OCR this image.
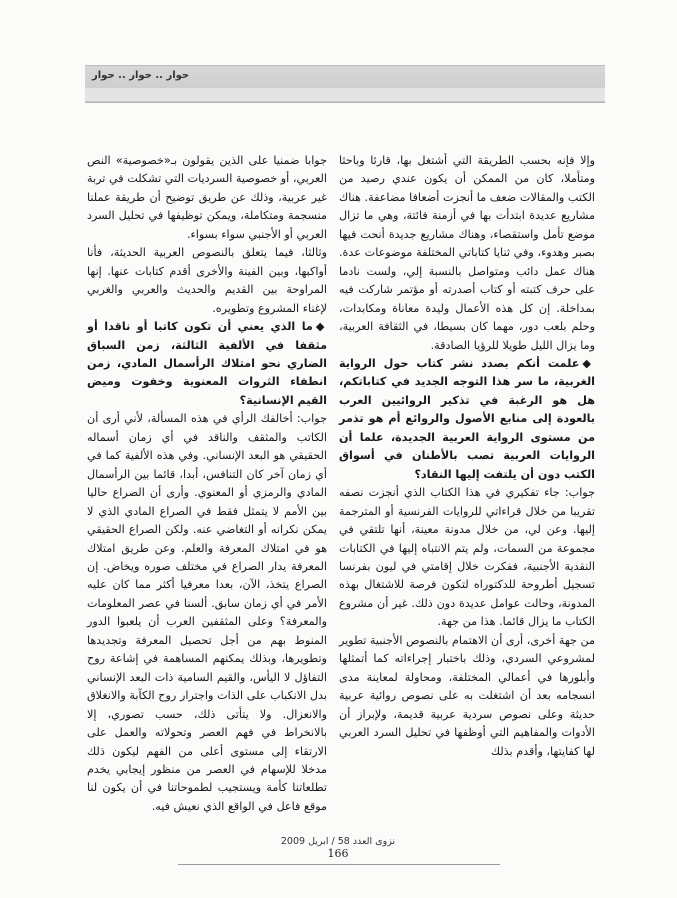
حوار .. حوار .. حوار

وإلا فإنه بحسب الطريقة التي أشتغل بها، قارئا وباحثا ومتأملا، كان من الممكن أن يكون عندي رصيد من الكتب والمقالات ضعف ما أنجزت أضعافا مضاعفة. هناك مشاريع عديدة ابتدأت بها في أزمنة فائتة، وهي ما تزال موضع تأمل واستقصاء، وهناك مشاريع جديدة أنحت فيها بصبر وهدوء، وفي ثنايا كتاباتي المختلفة موضوعات عدة. هناك عمل دائب ومتواصل بالنسبة إلي، ولست نادما على حرف كتبته أو كتاب أصدرته أو مؤتمر شاركت فيه بمداخلة. إن كل هذه الأعمال وليدة معاناة ومكابدات، وحلم بلعب دور، مهما كان بسيطا، في الثقافة العربية، وما يزال الليل طويلا للرؤيا الصادقة.

◆علمت أنكم بصدد نشر كتاب حول الرواية الغربية، ما سر هذا التوجه الجديد في كتاباتكم، هل هو الرغبة في تذكير الروائيين العرب بالعودة إلى منابع الأصول والروائع أم هو تذمر من مستوى الرواية العربية الجديدة، علما أن الروايات العربية تصب بالأطنان في أسواق الكتب دون أن يلتفت إليها النقاد؟

جواب: جاء تفكيري في هذا الكتاب الذي أنجزت نصفه تقريبا من خلال قراءاتي للروايات الفرنسية أو المترجمة إليها. وعن لي، من خلال مدونة معينة، أنها تلتقي في مجموعة من السمات، ولم يتم الانتباه إليها في الكتابات النقدية الأجنبية، ففكرت خلال إقامتي في ليون بفرنسا تسجيل أطروحة للدكتوراه لتكون فرصة للاشتغال بهذه المدونة، وحالت عوامل عديدة دون ذلك. غير أن مشروع الكتاب ما يزال قائما. هذا من جهة.

من جهة أخرى، أرى أن الاهتمام بالنصوص الأجنبية تطوير لمشروعي السردي، وذلك باختبار إجراءاته كما أتمثلها وأبلورها في أعمالي المختلفة، ومحاولة لمعاينة مدى انسجامه بعد أن اشتغلت به على نصوص روائية عربية حديثة وعلى نصوص سردية عربية قديمة، ولإبراز أن الأدوات والمفاهيم التي أوظفها في تحليل السرد العربي لها كفايتها، وأقدم بذلك

جوابا ضمنيا على الذين يقولون بـ«خصوصية» النص العربي، أو خصوصية السرديات التي تشكلت في تربة غير عربية، وذلك عن طريق توضيح أن طريقة عملنا منسجمة ومتكاملة، ويمكن توظيفها في تحليل السرد العربي أو الأجنبي سواء بسواء.

وثالثا، فيما يتعلق بالنصوص العربية الحديثة، فأنا أواكبها، وبين الفينة والأخرى أقدم كتابات عنها. إنها المراوحة بين القديم والحديث والعربي والغربي لإغناء المشروع وتطويره.

◆ما الذي يعني أن تكون كاتبا أو ناقدا أو مثقفا في الألفية الثالثة، زمن السباق الضاري نحو امتلاك الرأسمال المادي، زمن انطفاء الثروات المعنوية وخفوت وميض القيم الإنسانية؟

جواب: أخالفك الرأي في هذه المسألة، لأني أرى أن الكاتب والمثقف والناقد في أي زمان أسماله الحقيقي هو البعد الإنساني. وفي هذه الألفية كما في أي زمان آخر كان التنافس، أبدا، قائما بين الرأسمال المادي والرمزي أو المعنوي. وأرى أن الصراع حاليا بين الأمم لا يتمثل فقط في الصراع المادي الذي لا يمكن نكرانه أو التغاضي عنه. ولكن الصراع الحقيقي هو في امتلاك المعرفة والعلم. وعن طريق امتلاك المعرفة يدار الصراع في مختلف صوره ويخاض. إن الصراع يتخذ، الآن، بعدا معرفيا أكثر مما كان عليه الأمر في أي زمان سابق. ألسنا في عصر المعلومات والمعرفة؟ وعلى المثقفين العرب أن يلعبوا الدور المنوط بهم من أجل تحصيل المعرفة وتجديدها وتطويرها، وبذلك يمكنهم المساهمة في إشاعة روح التفاؤل لا اليأس، والقيم السامية ذات البعد الإنساني بدل الانكباب على الذات واجترار روح الكآبة والانغلاق والانعزال. ولا يتأتى ذلك، حسب تصوري، إلا بالانخراط في فهم العصر وتحولاته والعمل على الارتقاء إلى مستوى أعلى من الفهم ليكون ذلك مدخلا للإسهام في العصر من منظور إيجابي يخدم تطلعاتنا كأمة ويستجيب لطموحاتنا في أن يكون لنا موقع فاعل في الواقع الذي نعيش فيه.

نزوى العدد 58 / ابريل 2009
166
